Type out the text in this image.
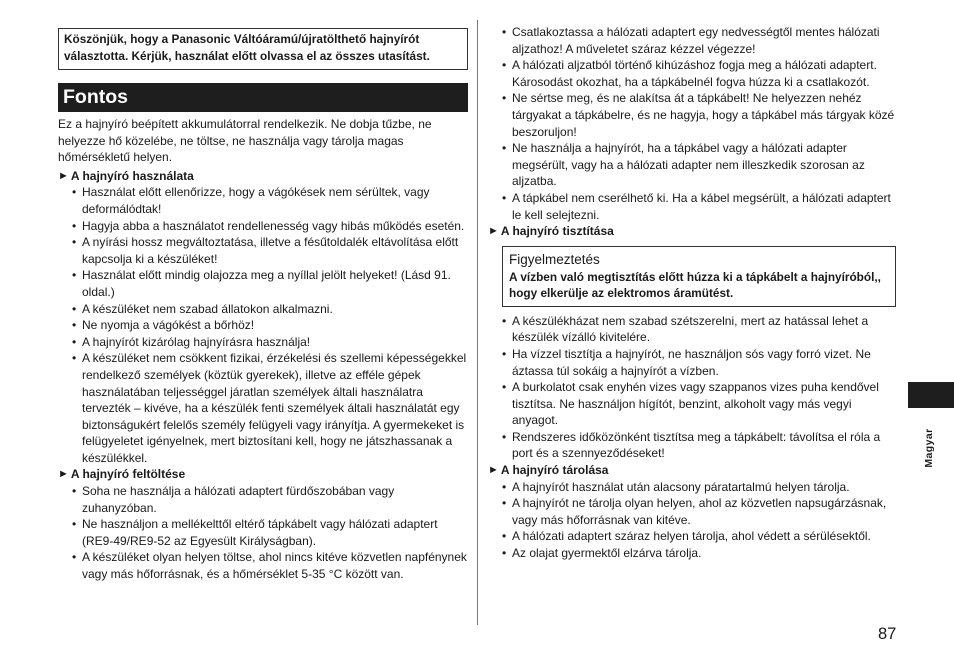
Köszönjük, hogy a Panasonic Váltóáramú/újratölthető hajnyírót választotta. Kérjük, használat előtt olvassa el az összes utasítást.
Fontos

Ez a hajnyíró beépített akkumulátorral rendelkezik. Ne dobja tűzbe, ne helyezze hő közelébe, ne töltse, ne használja vagy tárolja magas hőmérsékletű helyen.

► A hajnyíró használata
• Használat előtt ellenőrizze, hogy a vágókések nem sérültek, vagy deformálódtak!
• Hagyja abba a használatot rendellenesség vagy hibás működés esetén.
• A nyírási hossz megváltoztatása, illetve a fésűtoldalék eltávolítása előtt kapcsolja ki a készüléket!
• Használat előtt mindig olajozza meg a nyíllal jelölt helyeket! (Lásd 91. oldal.)
• A készüléket nem szabad állatokon alkalmazni.
• Ne nyomja a vágókést a bőrhöz!
• A hajnyírót kizárólag hajnyírásra használja!
• A készüléket nem csökkent fizikai, érzékelési és szellemi képességekkel rendelkező személyek (köztük gyerekek), illetve az efféle gépek használatában teljességgel járatlan személyek általi használatra tervezték – kivéve, ha a készülék fenti személyek általi használatát egy biztonságukért felelős személy felügyeli vagy irányítja. A gyermekeket is felügyeletet igényelnek, mert biztosítani kell, hogy ne játszhassanak a készülékkel.
► A hajnyíró feltöltése
• Soha ne használja a hálózati adaptert fürdőszobában vagy zuhanyzóban.
• Ne használjon a mellékelttől eltérő tápkábelt vagy hálózati adaptert (RE9-49/RE9-52 az Egyesült Királyságban).
• A készüléket olyan helyen töltse, ahol nincs kitéve közvetlen napfénynek vagy más hőforrásnak, és a hőmérséklet 5-35 °C között van.
• Csatlakoztassa a hálózati adaptert egy nedvességtől mentes hálózati aljzathoz! A műveletet száraz kézzel végezze!
• A hálózati aljzatból történő kihúzáshoz fogja meg a hálózati adaptert. Károsodást okozhat, ha a tápkábelnél fogva húzza ki a csatlakozót.
• Ne sértse meg, és ne alakítsa át a tápkábelt! Ne helyezzen nehéz tárgyakat a tápkábelre, és ne hagyja, hogy a tápkábel más tárgyak közé beszoruljon!
• Ne használja a hajnyírót, ha a tápkábel vagy a hálózati adapter megsérült, vagy ha a hálózati adapter nem illeszkedik szorosan az aljzatba.
• A tápkábel nem cserélhető ki. Ha a kábel megsérült, a hálózati adaptert le kell selejtezni.
► A hajnyíró tisztítása
Figyelmeztetés
A vízben való megtisztítás előtt húzza ki a tápkábelt a hajnyíróból,, hogy elkerülje az elektromos áramütést.
• A készülékházat nem szabad szétszerelni, mert az hatással lehet a készülék vízálló kivitelére.
• Ha vízzel tisztítja a hajnyírót, ne használjon sós vagy forró vizet. Ne áztassa túl sokáig a hajnyírót a vízben.
• A burkolatot csak enyhén vizes vagy szappanos vizes puha kendővel tisztítsa. Ne használjon hígítót, benzint, alkoholt vagy más vegyi anyagot.
• Rendszeres időközönként tisztítsa meg a tápkábelt: távolítsa el róla a port és a szennyeződéseket!
► A hajnyíró tárolása
• A hajnyírót használat után alacsony páratartalmú helyen tárolja.
• A hajnyírót ne tárolja olyan helyen, ahol az közvetlen napsugárzásnak, vagy más hőforrásnak van kitéve.
• A hálózati adaptert száraz helyen tárolja, ahol védett a sérülésektől.
• Az olajat gyermektől elzárva tárolja.
Magyar
87
